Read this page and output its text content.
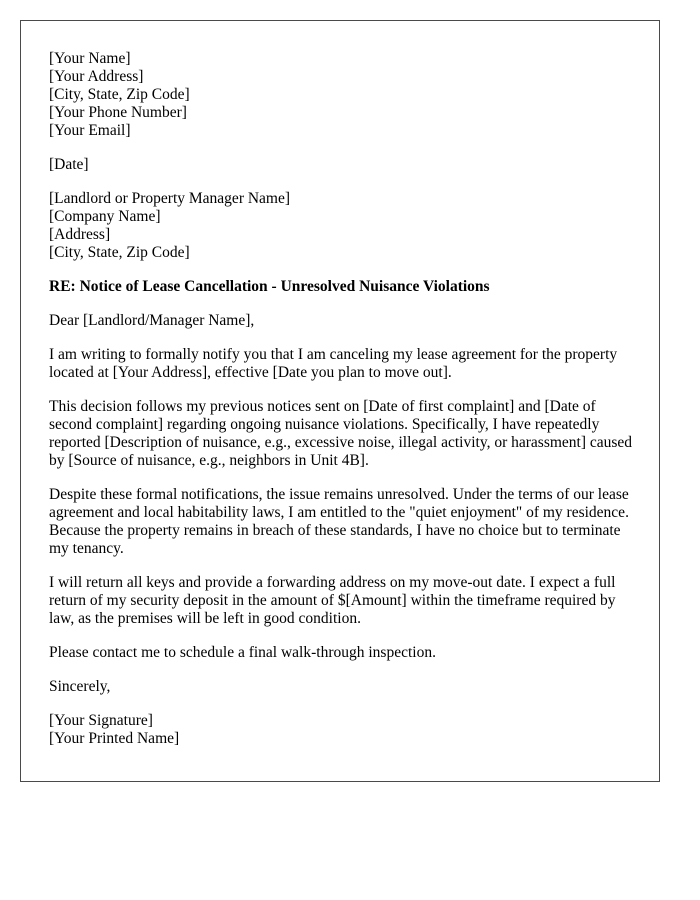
[Your Name]
[Your Address]
[City, State, Zip Code]
[Your Phone Number]
[Your Email]
[Date]
[Landlord or Property Manager Name]
[Company Name]
[Address]
[City, State, Zip Code]

RE: Notice of Lease Cancellation - Unresolved Nuisance Violations

Dear [Landlord/Manager Name],

I am writing to formally notify you that I am canceling my lease agreement for the property located at [Your Address], effective [Date you plan to move out].

This decision follows my previous notices sent on [Date of first complaint] and [Date of second complaint] regarding ongoing nuisance violations. Specifically, I have repeatedly reported [Description of nuisance, e.g., excessive noise, illegal activity, or harassment] caused by [Source of nuisance, e.g., neighbors in Unit 4B].

Despite these formal notifications, the issue remains unresolved. Under the terms of our lease agreement and local habitability laws, I am entitled to the "quiet enjoyment" of my residence. Because the property remains in breach of these standards, I have no choice but to terminate my tenancy.

I will return all keys and provide a forwarding address on my move-out date. I expect a full return of my security deposit in the amount of $[Amount] within the timeframe required by law, as the premises will be left in good condition.

Please contact me to schedule a final walk-through inspection.

Sincerely,

[Your Signature]
[Your Printed Name]
